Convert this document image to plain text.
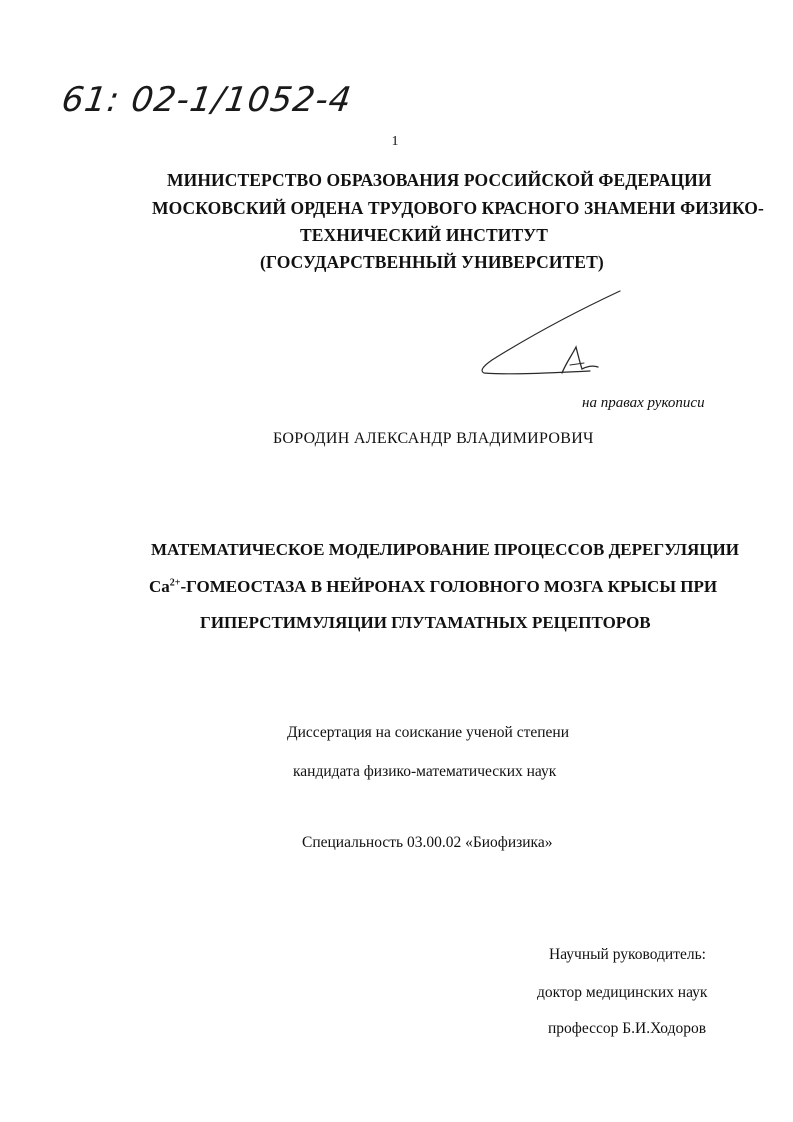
61: 02-1/1052-4
1
МИНИСТЕРСТВО ОБРАЗОВАНИЯ РОССИЙСКОЙ ФЕДЕРАЦИИ
МОСКОВСКИЙ ОРДЕНА ТРУДОВОГО КРАСНОГО ЗНАМЕНИ ФИЗИКО-
ТЕХНИЧЕСКИЙ ИНСТИТУТ
(ГОСУДАРСТВЕННЫЙ УНИВЕРСИТЕТ)
на правах рукописи
БОРОДИН АЛЕКСАНДР ВЛАДИМИРОВИЧ
МАТЕМАТИЧЕСКОЕ МОДЕЛИРОВАНИЕ ПРОЦЕССОВ ДЕРЕГУЛЯЦИИ
$Ca^{2+}$-ГОМЕОСТАЗА В НЕЙРОНАХ ГОЛОВНОГО МОЗГА КРЫСЫ ПРИ
ГИПЕРСТИМУЛЯЦИИ ГЛУТАМАТНЫХ РЕЦЕПТОРОВ
Диссертация на соискание ученой степени
кандидата физико-математических наук
Специальность 03.00.02 «Биофизика»
Научный руководитель:
доктор медицинских наук
профессор Б.И.Ходоров
